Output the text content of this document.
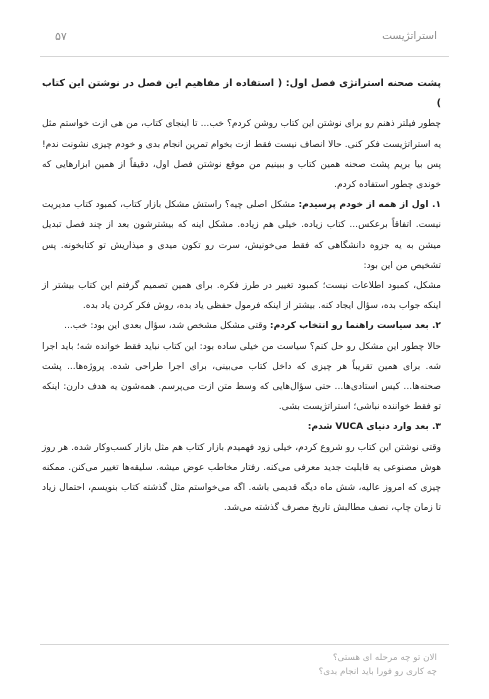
استراتژیست
۵۷

پشت صحنه استراتژی فصل اول: ( استفاده از مفاهیم این فصل در نوشتن این کتاب )

چطور فیلتر ذهنم رو برای نوشتن این کتاب روشن کردم؟ خب... تا اینجای کتاب، من هی ازت خواستم مثل یه استراتژیست فکر کنی. حالا انصاف نیست فقط ازت بخوام تمرین انجام بدی و خودم چیزی نشونت ندم! پس بیا بریم پشت صحنه همین کتاب و ببینیم من موقع نوشتن فصل اول، دقیقاً از همین ابزارهایی که خوندی چطور استفاده کردم.

۱. اول از همه از خودم پرسیدم: مشکل اصلی چیه؟ راستش مشکل بازار کتاب، کمبود کتاب مدیریت نیست. اتفاقاً برعکس... کتاب زیاده. خیلی هم زیاده. مشکل اینه که بیشترشون بعد از چند فصل تبدیل میشن به یه جزوه دانشگاهی که فقط می‌خونیش، سرت رو تکون میدی و میذاریش تو کتابخونه. پس تشخیص من این بود:

مشکل، کمبود اطلاعات نیست؛ کمبود تغییر در طرز فکره. برای همین تصمیم گرفتم این کتاب بیشتر از اینکه جواب بده، سؤال ایجاد کنه. بیشتر از اینکه فرمول حفظی یاد بده، روش فکر کردن یاد بده.

۲. بعد سیاست راهنما رو انتخاب کردم: وقتی مشکل مشخص شد، سؤال بعدی این بود: خب...

حالا چطور این مشکل رو حل کنم؟ سیاست من خیلی ساده بود: این کتاب نباید فقط خوانده شه؛ باید اجرا شه. برای همین تقریباً هر چیزی که داخل کتاب می‌بینی، برای اجرا طراحی شده. پروژه‌ها... پشت صحنه‌ها... کیس استادی‌ها... حتی سؤال‌هایی که وسط متن ازت می‌پرسم. همه‌شون یه هدف دارن: اینکه تو فقط خواننده نباشی؛ استراتژیست بشی.

۳. بعد وارد دنیای VUCA شدم:

وقتی نوشتن این کتاب رو شروع کردم، خیلی زود فهمیدم بازار کتاب هم مثل بازار کسب‌وکار شده. هر روز هوش مصنوعی یه قابلیت جدید معرفی می‌کنه. رفتار مخاطب عوض میشه. سلیقه‌ها تغییر می‌کنن. ممکنه چیزی که امروز عالیه، شش ماه دیگه قدیمی باشه. اگه می‌خواستم مثل گذشته کتاب بنویسم، احتمال زیاد تا زمان چاپ، نصف مطالبش تاریخ مصرف گذشته می‌شد.

الان تو چه مرحله ای هستی؟
چه کاری رو فورا باید انجام بدی؟
